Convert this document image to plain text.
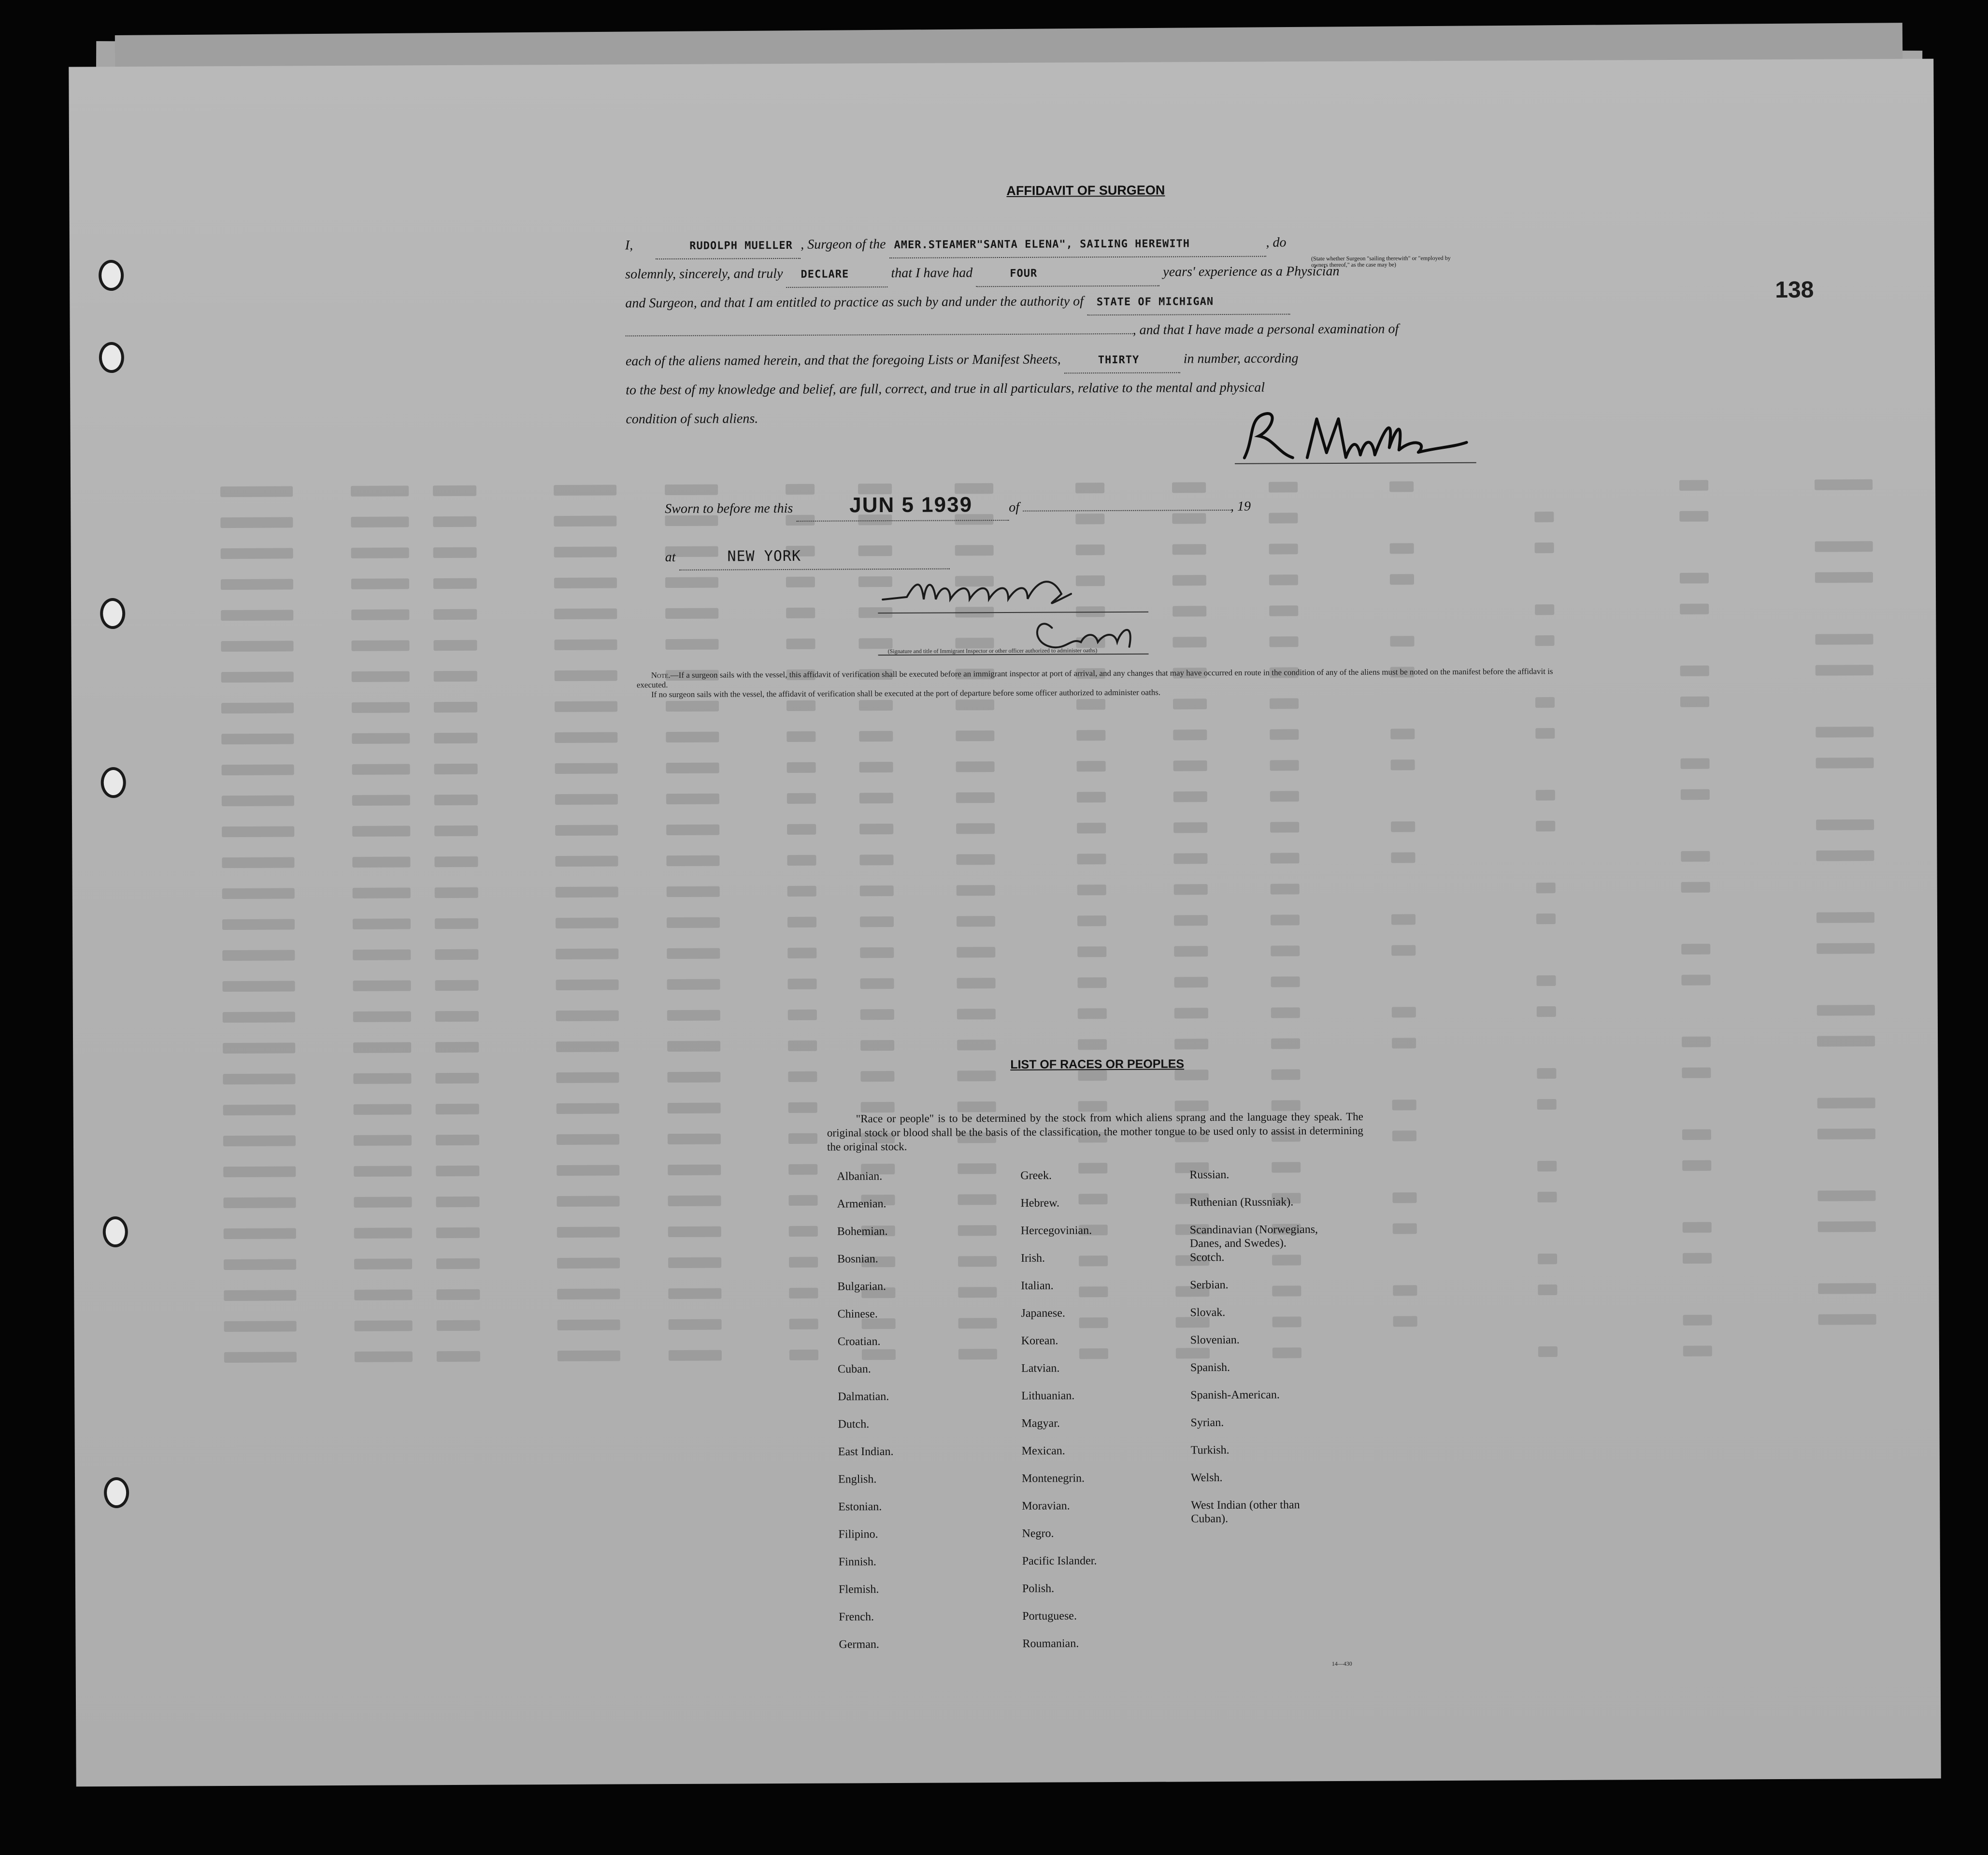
138
AFFIDAVIT OF SURGEON
I,	RUDOLPH MUELLER , Surgeon of the AMER.STEAMER"SANTA ELENA", SAILING HEREWITH	, do
(State whether Surgeon "sailing therewith" or "employed by owners thereof," as the case may be)
solemnly, sincerely, and truly DECLARE	that I have had	FOUR	years' experience as a Physician
and Surgeon, and that I am entitled to practice as such by and under the authority of STATE OF MICHIGAN
, and that I have made a personal examination of
each of the aliens named herein, and that the foregoing Lists or Manifest Sheets,	THIRTY	in number, according
to the best of my knowledge and belief, are full, correct, and true in all particulars, relative to the mental and physical
condition of such aliens.
Sworn to before me this	JUN 5 1939	of	, 19
at	NEW YORK
(Signature and title of Immigrant Inspector or other officer authorized to administer oaths)
Note.—If a surgeon sails with the vessel, this affidavit of verification shall be executed before an immigrant inspector at port of arrival, and any changes that may have occurred en route in the condition of any of the aliens must be noted on the manifest before the affidavit is executed.
If no surgeon sails with the vessel, the affidavit of verification shall be executed at the port of departure before some officer authorized to administer oaths.
LIST OF RACES OR PEOPLES
"Race or people" is to be determined by the stock from which aliens sprang and the language they speak. The original stock or blood shall be the basis of the classification, the mother tongue to be used only to assist in determining the original stock.
Albanian.
Armenian.
Bohemian.
Bosnian.
Bulgarian.
Chinese.
Croatian.
Cuban.
Dalmatian.
Dutch.
East Indian.
English.
Estonian.
Filipino.
Finnish.
Flemish.
French.
German.
Greek.
Hebrew.
Hercegovinian.
Irish.
Italian.
Japanese.
Korean.
Latvian.
Lithuanian.
Magyar.
Mexican.
Montenegrin.
Moravian.
Negro.
Pacific Islander.
Polish.
Portuguese.
Roumanian.
Russian.
Ruthenian (Russniak).
Scandinavian (Norwegians,
Danes, and Swedes).
Scotch.
Serbian.
Slovak.
Slovenian.
Spanish.
Spanish-American.
Syrian.
Turkish.
Welsh.
West Indian (other than
Cuban).
14—430
